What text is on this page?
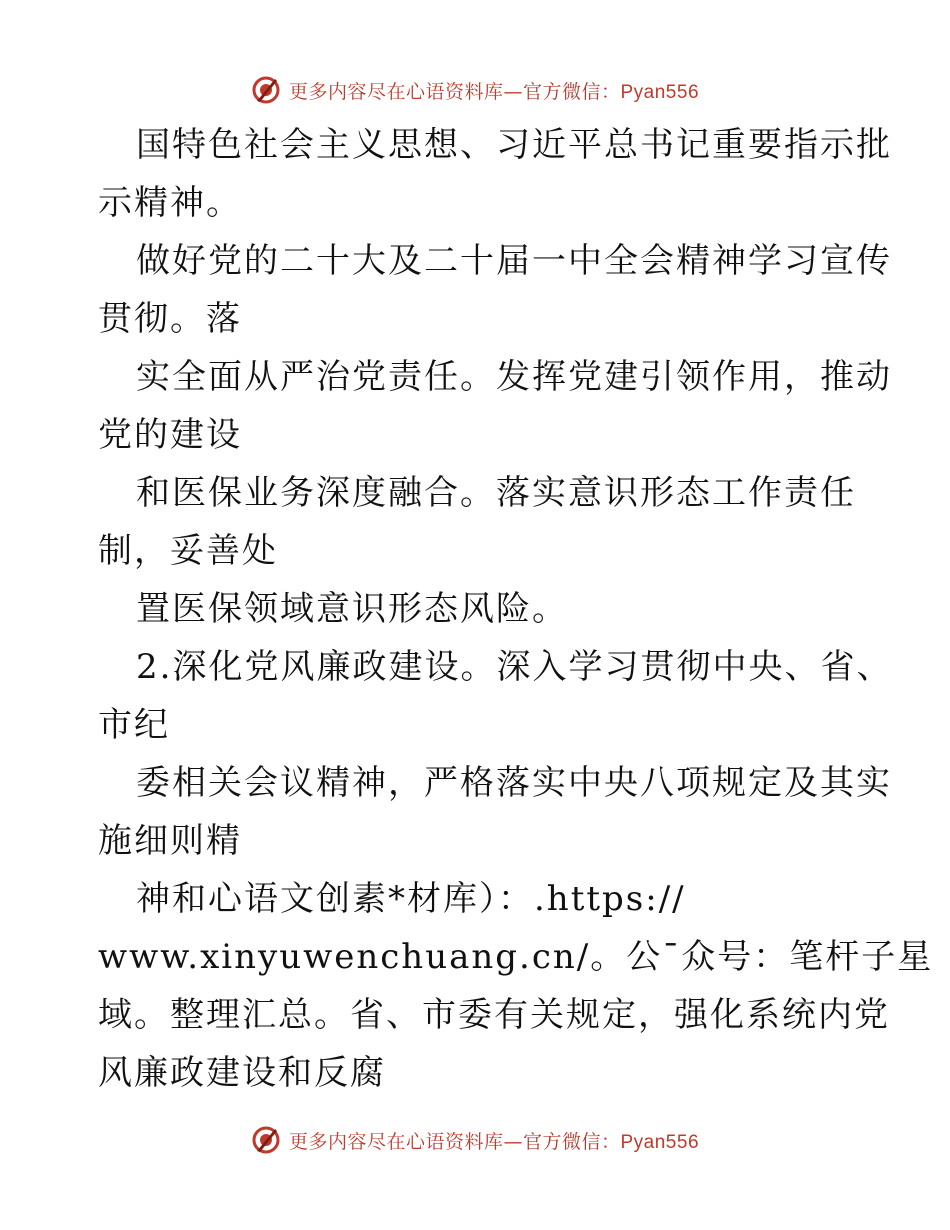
更多内容尽在心语资料库—官方微信：Pyan556
国特色社会主义思想、习近平总书记重要指示批
示精神。
做好党的二十大及二十届一中全会精神学习宣传
贯彻。落
实全面从严治党责任。发挥党建引领作用，推动
党的建设
和医保业务深度融合。落实意识形态工作责任
制，妥善处
置医保领域意识形态风险。
2.深化党风廉政建设。深入学习贯彻中央、省、
市纪
委相关会议精神，严格落实中央八项规定及其实
施细则精
神和心语文创素*材库）：.https://
www.xinyuwenchuang.cn/。公¯众号：笔杆子星
域。整理汇总。省、市委有关规定，强化系统内党
风廉政建设和反腐
更多内容尽在心语资料库—官方微信：Pyan556
